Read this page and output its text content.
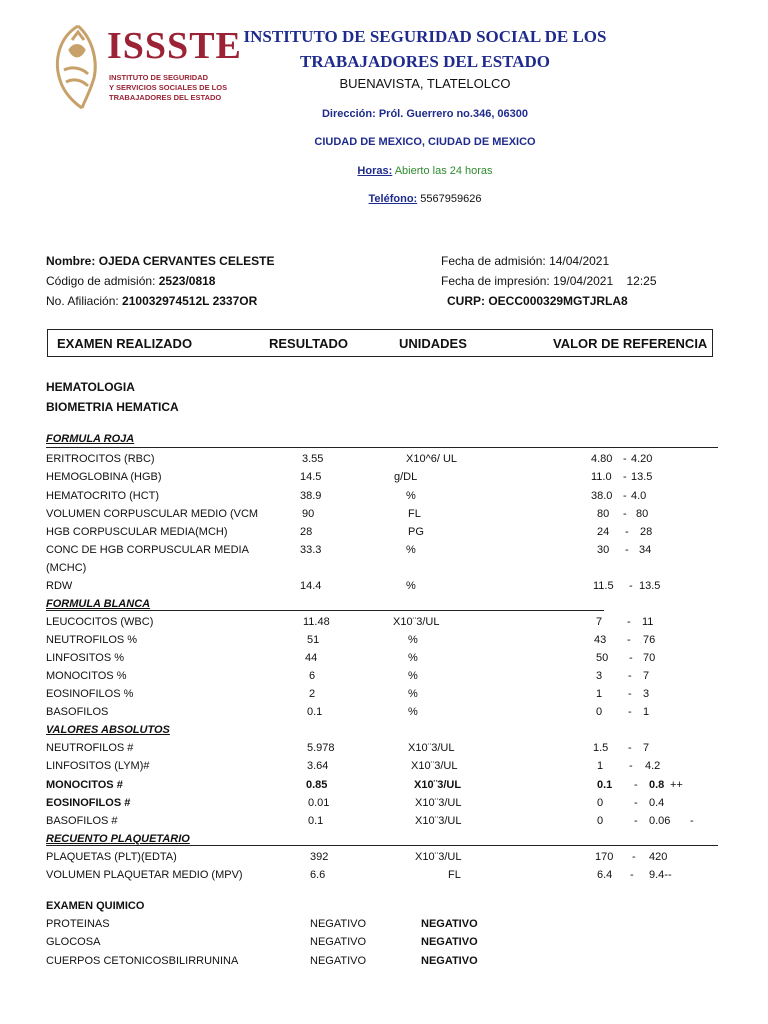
ISSSTE
INSTITUTO DE SEGURIDAD
Y SERVICIOS SOCIALES DE LOS
TRABAJADORES DEL ESTADO
INSTITUTO DE SEGURIDAD SOCIAL DE LOS
TRABAJADORES DEL ESTADO
BUENAVISTA, TLATELOLCO
Dirección: Pról. Guerrero no.346, 06300
CIUDAD DE MEXICO, CIUDAD DE MEXICO
Horas: Abierto las 24 horas
Teléfono: 5567959626
Nombre: OJEDA CERVANTES CELESTE
Código de admisión: 2523/0818
No. Afiliación: 210032974512L 2337OR
Fecha de admisión: 14/04/2021
Fecha de impresión: 19/04/2021 12:25
CURP: OECC000329MGTJRLA8
EXAMEN REALIZADO	RESULTADO	UNIDADES	VALOR DE REFERENCIA
HEMATOLOGIA
BIOMETRIA HEMATICA
FORMULA ROJA
FORMULA BLANCA
VALORES ABSOLUTOS
RECUENTO PLAQUETARIO
EXAMEN QUIMICO
ERITROCITOS (RBC)	3.55	X10^6/ UL	4.80 - 4.20
HEMOGLOBINA (HGB)	14.5	g/DL	11.0 - 13.5
HEMATOCRITO (HCT)	38.9	%	38.0 - 4.0
VOLUMEN CORPUSCULAR MEDIO (VCM	90	FL	80 - 80
HGB CORPUSCULAR MEDIA(MCH)	28	PG	24 - 28
CONC DE HGB CORPUSCULAR MEDIA	33.3	%	30 - 34
(MCHC)
RDW	14.4	%	11.5 - 13.5
LEUCOCITOS (WBC)	11.48	X10¨3/UL	7 - 11
NEUTROFILOS %	51	%	43 - 76
LINFOSITOS %	44	%	50 - 70
MONOCITOS %	6	%	3 - 7
EOSINOFILOS %	2	%	1 - 3
BASOFILOS	0.1	%	0 - 1
NEUTROFILOS #	5.978	X10¨3/UL	1.5 - 7
LINFOSITOS (LYM)#	3.64	X10¨3/UL	1 - 4.2
MONOCITOS #	0.85	X10¨3/UL	0.1 - 0.8 ++
EOSINOFILOS #	0.01	X10¨3/UL	0	- 0.4
BASOFILOS #	0.1	X10¨3/UL	0	- 0.06 -
PLAQUETAS (PLT)(EDTA)	392	X10¨3/UL	170 - 420
VOLUMEN PLAQUETAR MEDIO (MPV)	6.6	FL	6.4 - 9.4--
PROTEINAS	NEGATIVO	NEGATIVO
GLOCOSA	NEGATIVO	NEGATIVO
CUERPOS CETONICOSBILIRRUNINA	NEGATIVO	NEGATIVO
